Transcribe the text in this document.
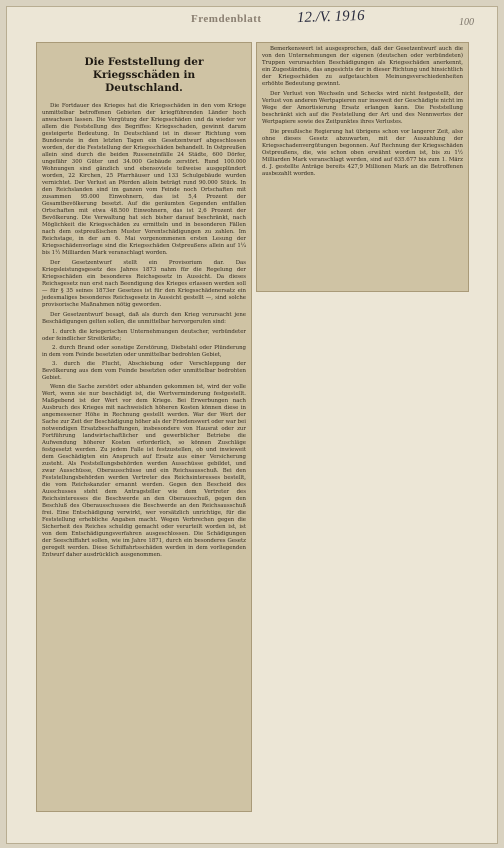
Fremdenblatt 12./V. 1916	100
Die Feststellung der Kriegsschäden in
Deutschland.

Die Fortdauer des Krieges hat die Kriegsschäden in den vom Kriege unmittelbar betroffenen Gebieten der kriegführenden Länder hoch anwachsen lassen. Die Vergütung der Kriegsschäden und da wieder vor allem die Feststellung des Begriffes: Kriegsschaden, gewinnt darum gesteigerte Bedeutung. In Deutschland ist in dieser Richtung vom Bundesrate in den letzten Tagen ein Gesetzentwurf abgeschlossen worden, der die Feststellung der Kriegsschäden behandelt. In Ostpreußen allein sind durch die beiden Russeneinfälle 24 Städte, 600 Dörfer, ungefähr 300 Güter und 34.000 Gebäude zerstört. Rund 100.000 Wohnungen sind gänzlich und ebensoviele teilweise ausgeplündert worden, 22 Kirchen, 25 Pfarrhäuser und 133 Schulgebäude wurden vernichtet. Der Verlust an Pferden allein beträgt rund 90.000 Stück. In den Reichslanden sind im ganzen vom Feinde noch Ortschaften mit zusammen 95.000 Einwohnern, das ist 5,4 Prozent der Gesamtbevölkerung besetzt. Auf die geräumten Gegenden entfallen Ortschaften mit etwa 48.500 Einwohnern, das ist 2,6 Prozent der Bevölkerung. Die Verwaltung hat sich bisher darauf beschränkt, nach Möglichkeit die Kriegsschäden zu ermitteln und in besonderen Fällen nach dem ostpreußischen Muster Vorentschädigungen zu zahlen. Im Reichstage, in der am 6. Mai vorgenommenen ersten Lesung der Kriegsschädenvorlage sind die Kriegsschäden Ostpreußens allein auf 1¼ bis 1½ Milliarden Mark veranschlagt worden.

Der Gesetzentwurf stellt ein Provisorium dar. Das Kriegsleistungsgesetz des Jahres 1873 nahm für die Regelung der Kriegsschäden ein besonderes Reichsgesetz in Aussicht. Da dieses Reichsgesetz nun erst nach Beendigung des Krieges erlassen werden soll — für § 35 seines 1873er Gesetzes ist für den Kriegsschädenersatz ein jedesmaliges besonderes Reichsgesetz in Aussicht gestellt —, sind solche provisorische Maßnahmen nötig geworden.

Der Gesetzentwurf besagt, daß als durch den Krieg verursacht jene Beschädigungen gelten sollen, die unmittelbar hervorgerufen sind:

1. durch die kriegerischen Unternehmungen deutscher, verbündeter oder feindlicher Streitkräfte;

2. durch Brand oder sonstige Zerstörung, Diebstahl oder Plünderung in dem vom Feinde besetzten oder unmittelbar bedrohten Gebiet,

3. durch die Flucht, Abschiebung oder Verschleppung der Bevölkerung aus dem vom Feinde besetzten oder unmittelbar bedrohten Gebiet.

Wenn die Sache zerstört oder abhanden gekommen ist, wird der volle Wert, wenn sie nur beschädigt ist, die Wertverminderung festgestellt. Maßgebend ist der Wert vor dem Kriege. Bei Erwerbungen nach Ausbruch des Krieges mit nachweislich höheren Kosten können diese in angemessener Höhe in Rechnung gestellt werden. War der Wert der Sache zur Zeit der Beschädigung höher als der Friedenswert oder war bei notwendigen Ersatzbeschaffungen, insbesondere von Hausrat oder zur Fortführung landwirtschaftlicher und gewerblicher Betriebe die Aufwendung höherer Kosten erforderlich, so können Zuschläge festgesetzt werden. Zu jedem Falle ist festzustellen, ob und inwieweit dem Geschädigten ein Anspruch auf Ersatz aus einer Versicherung zusteht. Als Feststellungsbehörden werden Ausschüsse gebildet, und zwar Ausschüsse, Oberausschüsse und ein Reichsausschuß. Bei den Feststellungsbehörden werden Vertreter des Reichsinteresses bestellt, die vom Reichskanzler ernannt werden. Gegen den Bescheid des Ausschusses steht dem Antragsteller wie dem Vertreter des Reichsinteresses die Beschwerde an den Oberausschuß, gegen den Beschluß des Oberausschusses die Beschwerde an den Reichsausschuß frei. Eine Entschädigung verwirkt, wer vorsätzlich unrichtige, für die Feststellung erhebliche Angaben macht. Wegen Verbrechen gegen die Sicherheit des Reiches schuldig gemacht oder verurteilt worden ist, ist von dem Entschädigungsverfahren ausgeschlossen. Die Schädigungen der Seeschiffahrt sollen, wie im Jahre 1871, durch ein besonderes Gesetz geregelt werden. Diese Schiffahrtsschäden werden in dem vorliegenden Entwurf daher ausdrücklich ausgenommen.

Bemerkenswert ist ausgesprochen, daß der Gesetzentwurf auch die von den Unternehmungen der eigenen (deutschen oder verbündeten) Truppen verursachten Beschädigungen als Kriegsschäden anerkennt, ein Zugeständnis, das angesichts der in dieser Richtung und hinsichtlich der Kriegsschäden zu aufgetauchten Meinungsverschiedenheiten erhöhte Bedeutung gewinnt.

Der Verlust von Wechseln und Schecks wird nicht festgestellt, der Verlust von anderen Wertpapieren nur insoweit der Geschädigte nicht im Wege der Amortisierung Ersatz erlangen kann. Die Feststellung beschränkt sich auf die Feststellung der Art und des Nennwertes der Wertpapiere sowie des Zeitpunktes ihres Verlustes.

Die preußische Regierung hat übrigens schon vor langerer Zeit, also ohne dieses Gesetz abzuwarten, mit der Auszahlung der Kriegsschadenvergütungen begonnen. Auf Rechnung der Kriegsschäden Ostpreußens, die, wie schon oben erwähnt worden ist, bis zu 1½ Milliarden Mark veranschlagt werden, sind auf 635.677 bis zum 1. März d. J. gestellte Anträge bereits 427,9 Millionen Mark an die Betroffenen ausbezahlt worden.
